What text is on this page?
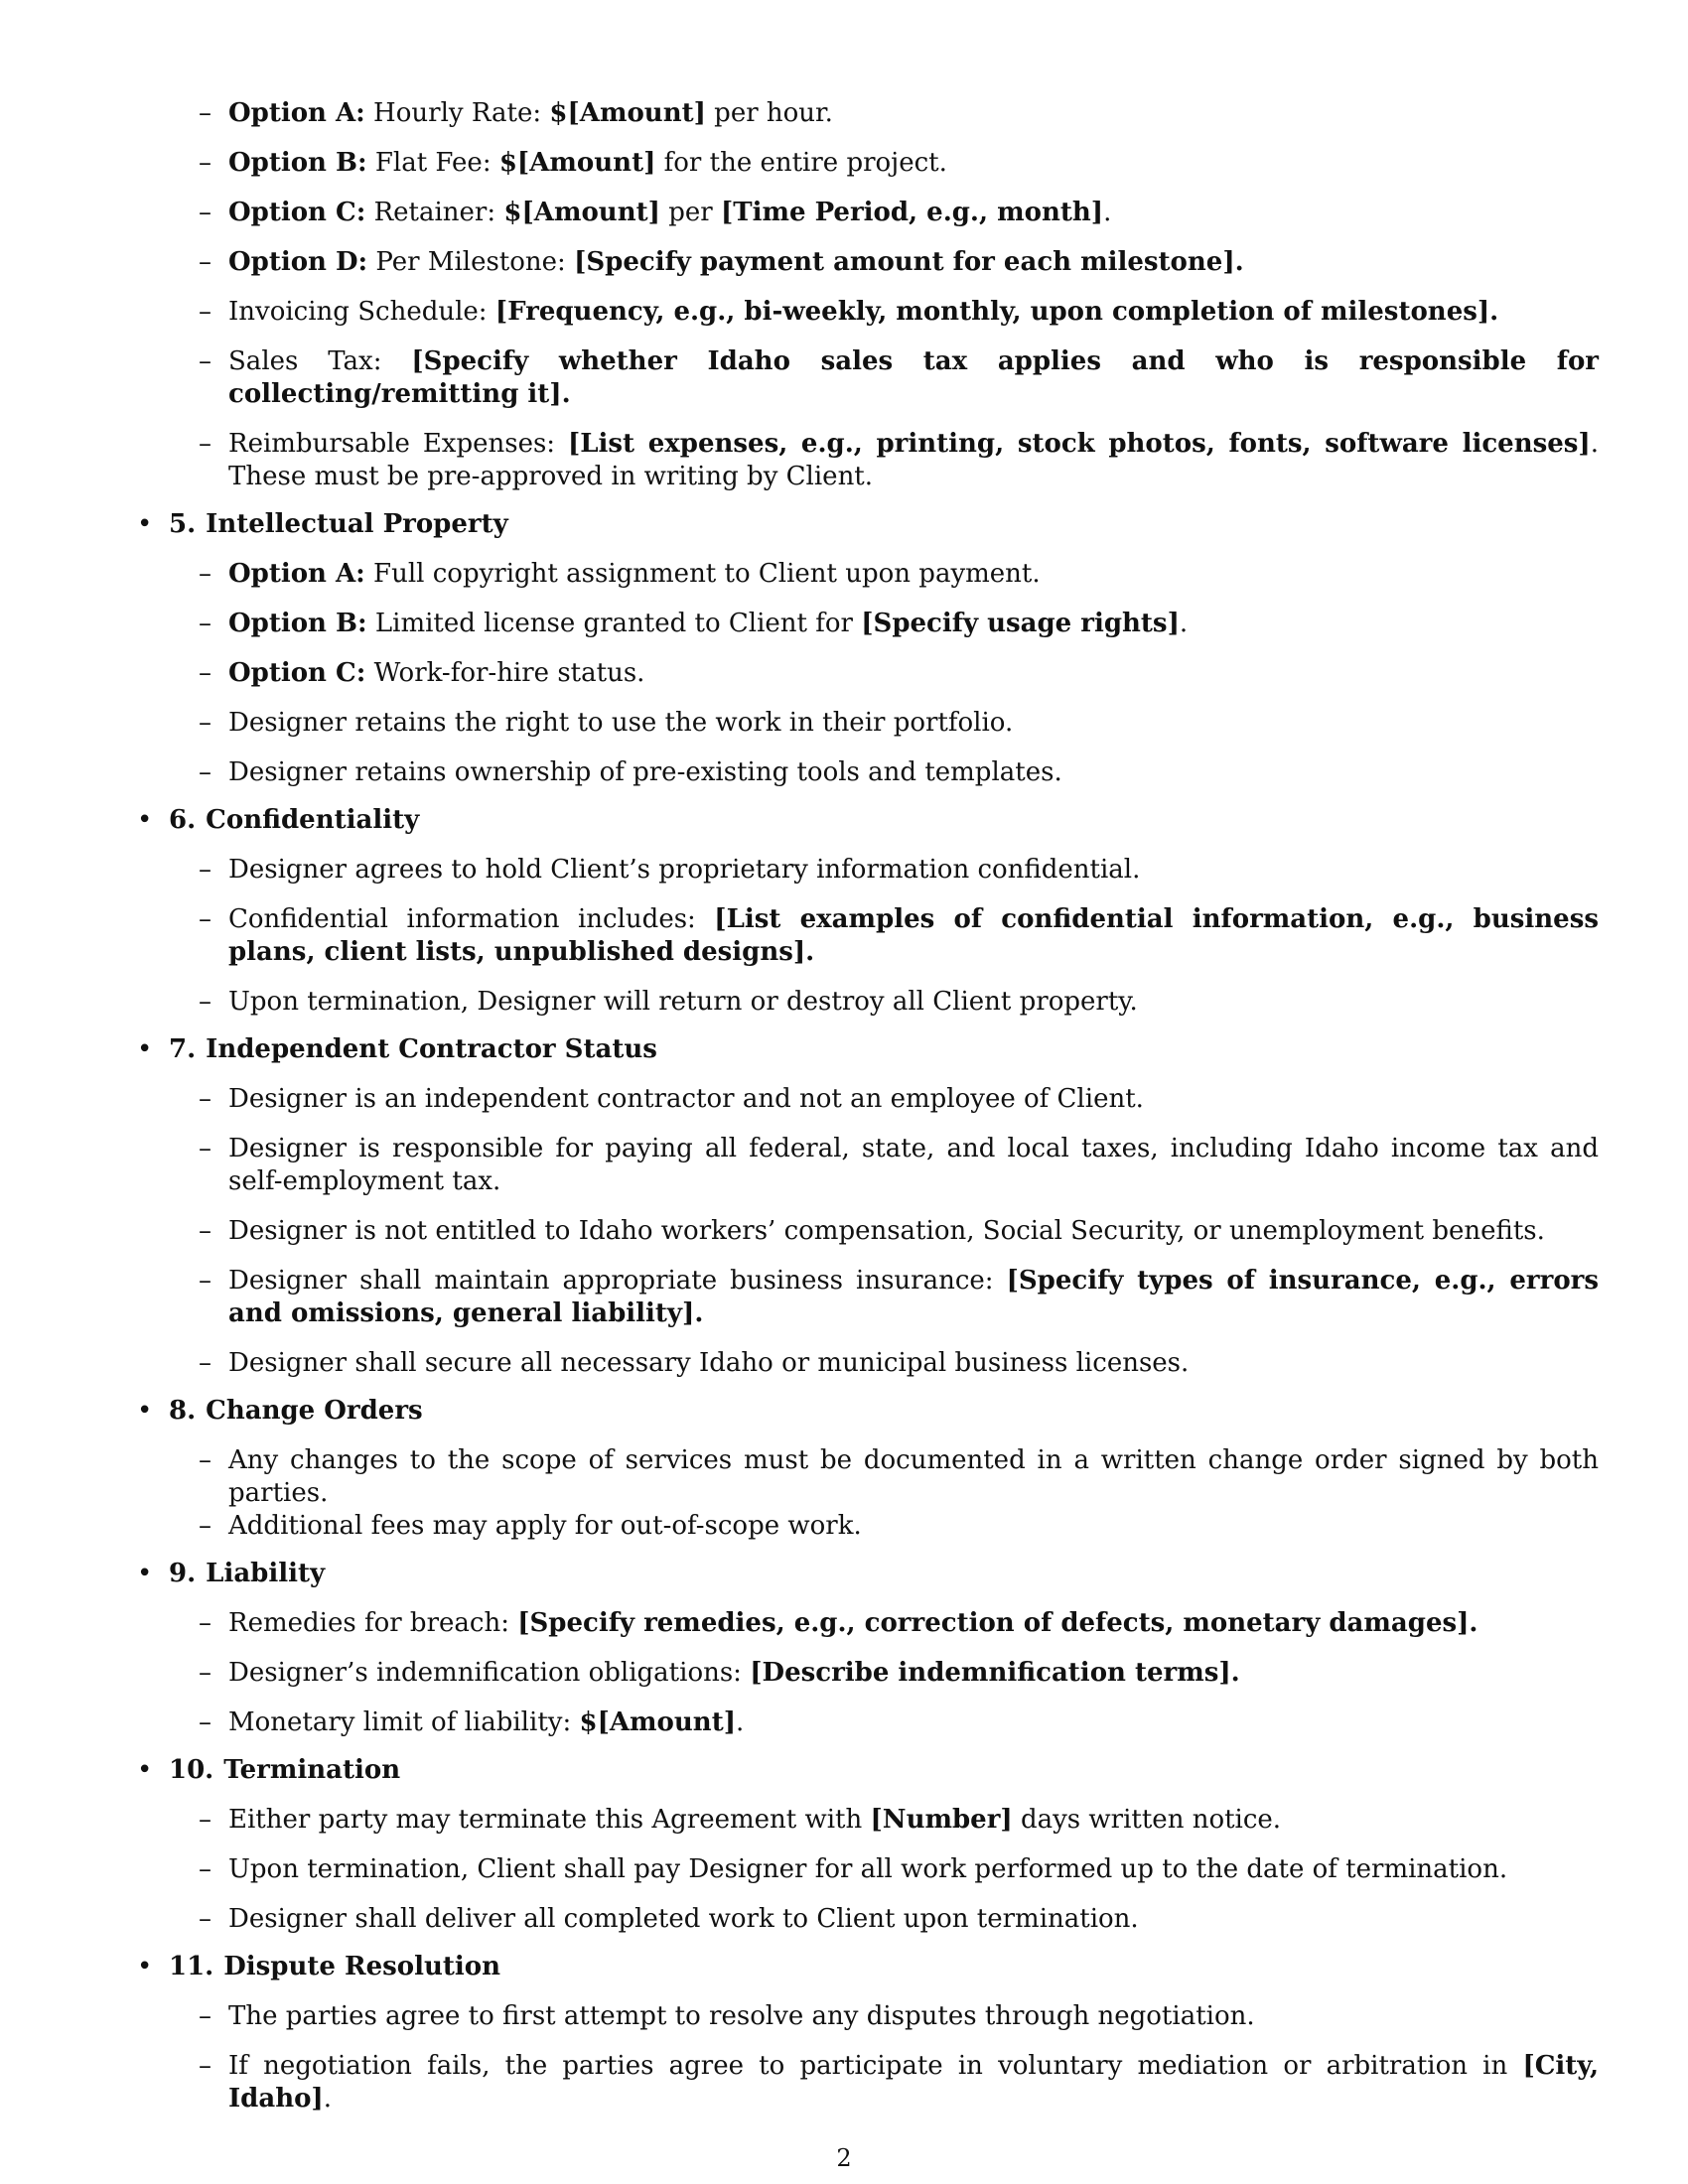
– Option A: Hourly Rate: $[Amount] per hour.
– Option B: Flat Fee: $[Amount] for the entire project.
– Option C: Retainer: $[Amount] per [Time Period, e.g., month].
– Option D: Per Milestone: [Specify payment amount for each milestone].
– Invoicing Schedule: [Frequency, e.g., bi-weekly, monthly, upon completion of milestones].
– Sales Tax: [Specify whether Idaho sales tax applies and who is responsible for collecting/remitting it].
– Reimbursable Expenses: [List expenses, e.g., printing, stock photos, fonts, software licenses]. These must be pre-approved in writing by Client.
• 5. Intellectual Property
– Option A: Full copyright assignment to Client upon payment.
– Option B: Limited license granted to Client for [Specify usage rights].
– Option C: Work-for-hire status.
– Designer retains the right to use the work in their portfolio.
– Designer retains ownership of pre-existing tools and templates.
• 6. Confidentiality
– Designer agrees to hold Client’s proprietary information confidential.
– Confidential information includes: [List examples of confidential information, e.g., business plans, client lists, unpublished designs].
– Upon termination, Designer will return or destroy all Client property.
• 7. Independent Contractor Status
– Designer is an independent contractor and not an employee of Client.
– Designer is responsible for paying all federal, state, and local taxes, including Idaho income tax and self-employment tax.
– Designer is not entitled to Idaho workers’ compensation, Social Security, or unemployment benefits.
– Designer shall maintain appropriate business insurance: [Specify types of insurance, e.g., errors and omissions, general liability].
– Designer shall secure all necessary Idaho or municipal business licenses.
• 8. Change Orders
– Any changes to the scope of services must be documented in a written change order signed by both parties.
– Additional fees may apply for out-of-scope work.
• 9. Liability
– Remedies for breach: [Specify remedies, e.g., correction of defects, monetary damages].
– Designer’s indemnification obligations: [Describe indemnification terms].
– Monetary limit of liability: $[Amount].
• 10. Termination
– Either party may terminate this Agreement with [Number] days written notice.
– Upon termination, Client shall pay Designer for all work performed up to the date of termination.
– Designer shall deliver all completed work to Client upon termination.
• 11. Dispute Resolution
– The parties agree to first attempt to resolve any disputes through negotiation.
– If negotiation fails, the parties agree to participate in voluntary mediation or arbitration in [City, Idaho].
2
